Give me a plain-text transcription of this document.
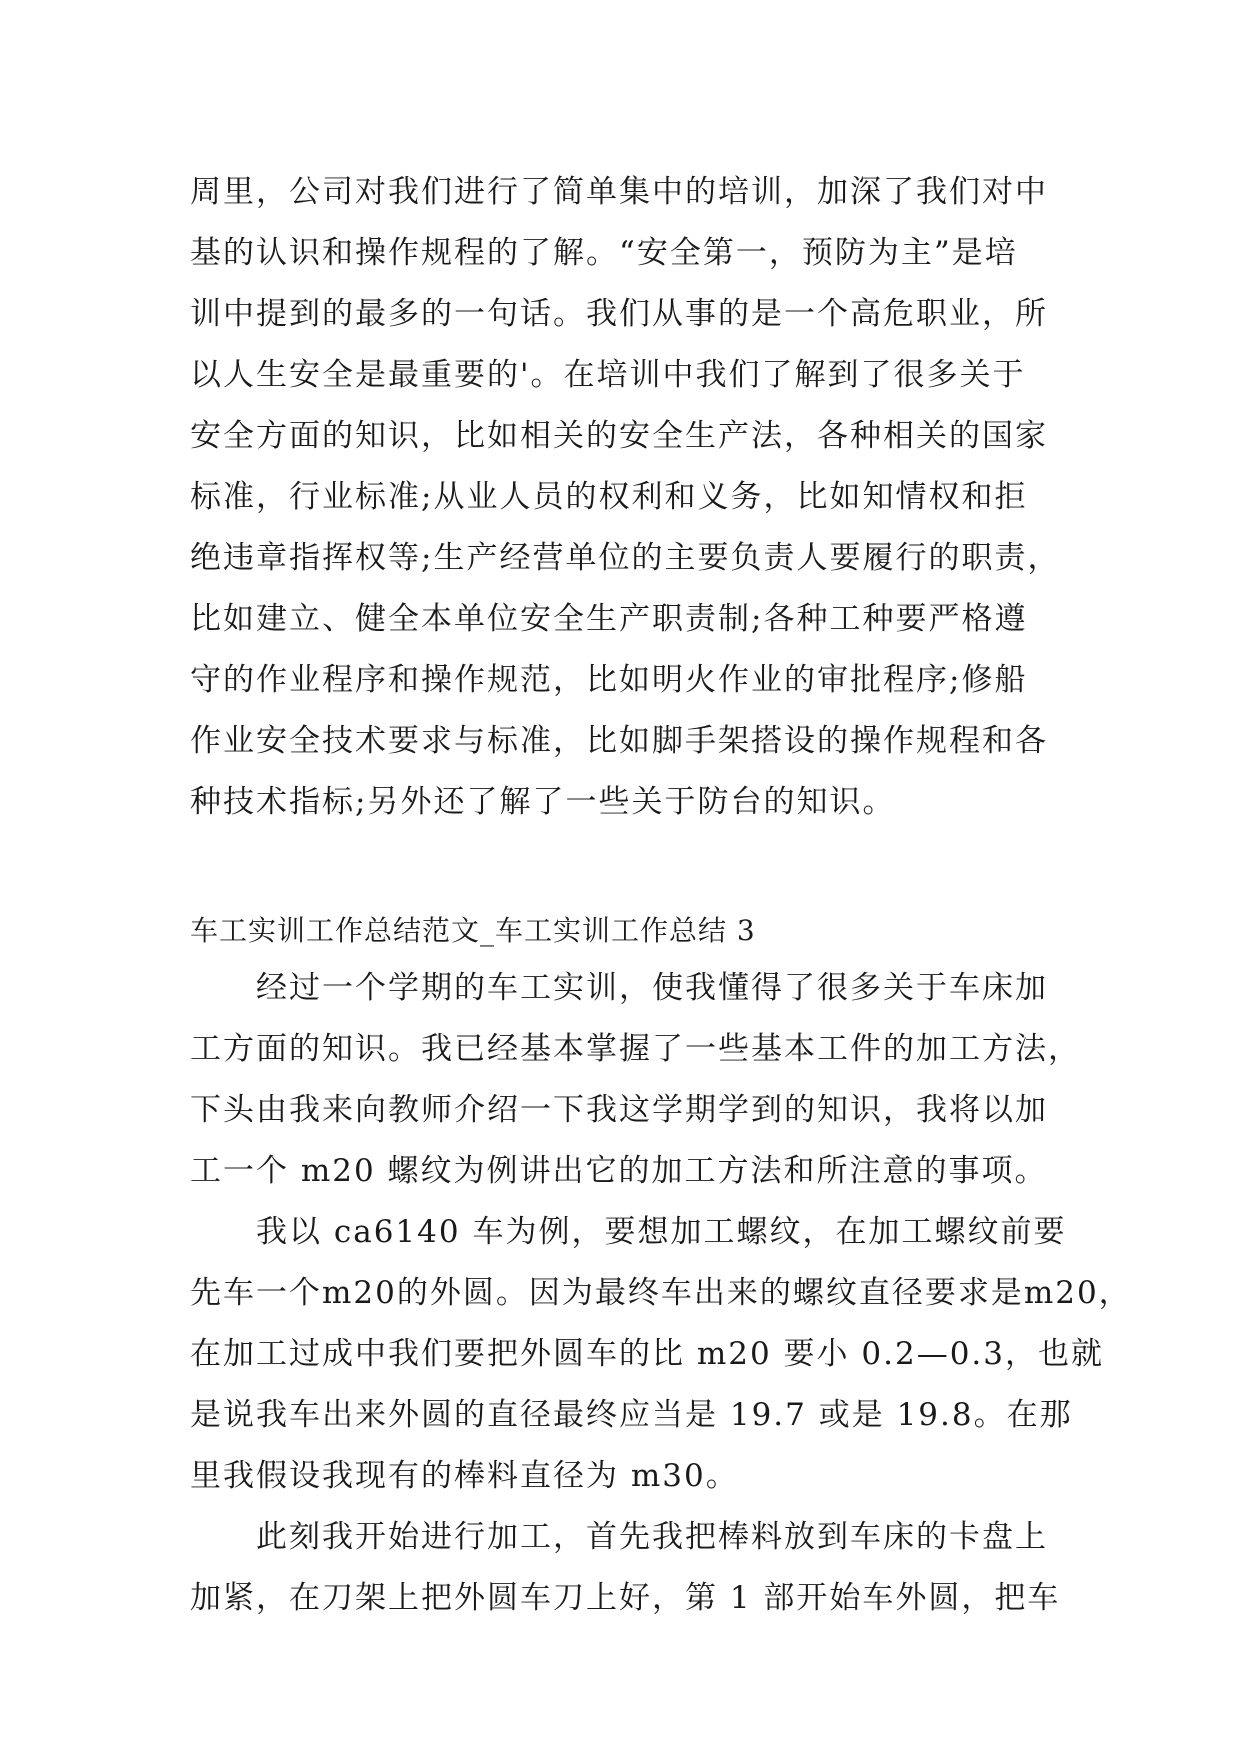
周里，公司对我们进行了简单集中的培训，加深了我们对中
基的认识和操作规程的了解。“安全第一，预防为主”是培
训中提到的最多的一句话。我们从事的是一个高危职业，所
以人生安全是最重要的'。在培训中我们了解到了很多关于
安全方面的知识，比如相关的安全生产法，各种相关的国家
标准，行业标准;从业人员的权利和义务，比如知情权和拒
绝违章指挥权等;生产经营单位的主要负责人要履行的职责，
比如建立、健全本单位安全生产职责制;各种工种要严格遵
守的作业程序和操作规范，比如明火作业的审批程序;修船
作业安全技术要求与标准，比如脚手架搭设的操作规程和各
种技术指标;另外还了解了一些关于防台的知识。
车工实训工作总结范文_车工实训工作总结 3
经过一个学期的车工实训，使我懂得了很多关于车床加
工方面的知识。我已经基本掌握了一些基本工件的加工方法，
下头由我来向教师介绍一下我这学期学到的知识，我将以加
工一个 m20 螺纹为例讲出它的加工方法和所注意的事项。
我以 ca6140 车为例，要想加工螺纹，在加工螺纹前要
先车一个m20的外圆。因为最终车出来的螺纹直径要求是m20，
在加工过成中我们要把外圆车的比 m20 要小 0.2—0.3，也就
是说我车出来外圆的直径最终应当是 19.7 或是 19.8。在那
里我假设我现有的棒料直径为 m30。
此刻我开始进行加工，首先我把棒料放到车床的卡盘上
加紧，在刀架上把外圆车刀上好，第 1 部开始车外圆，把车
